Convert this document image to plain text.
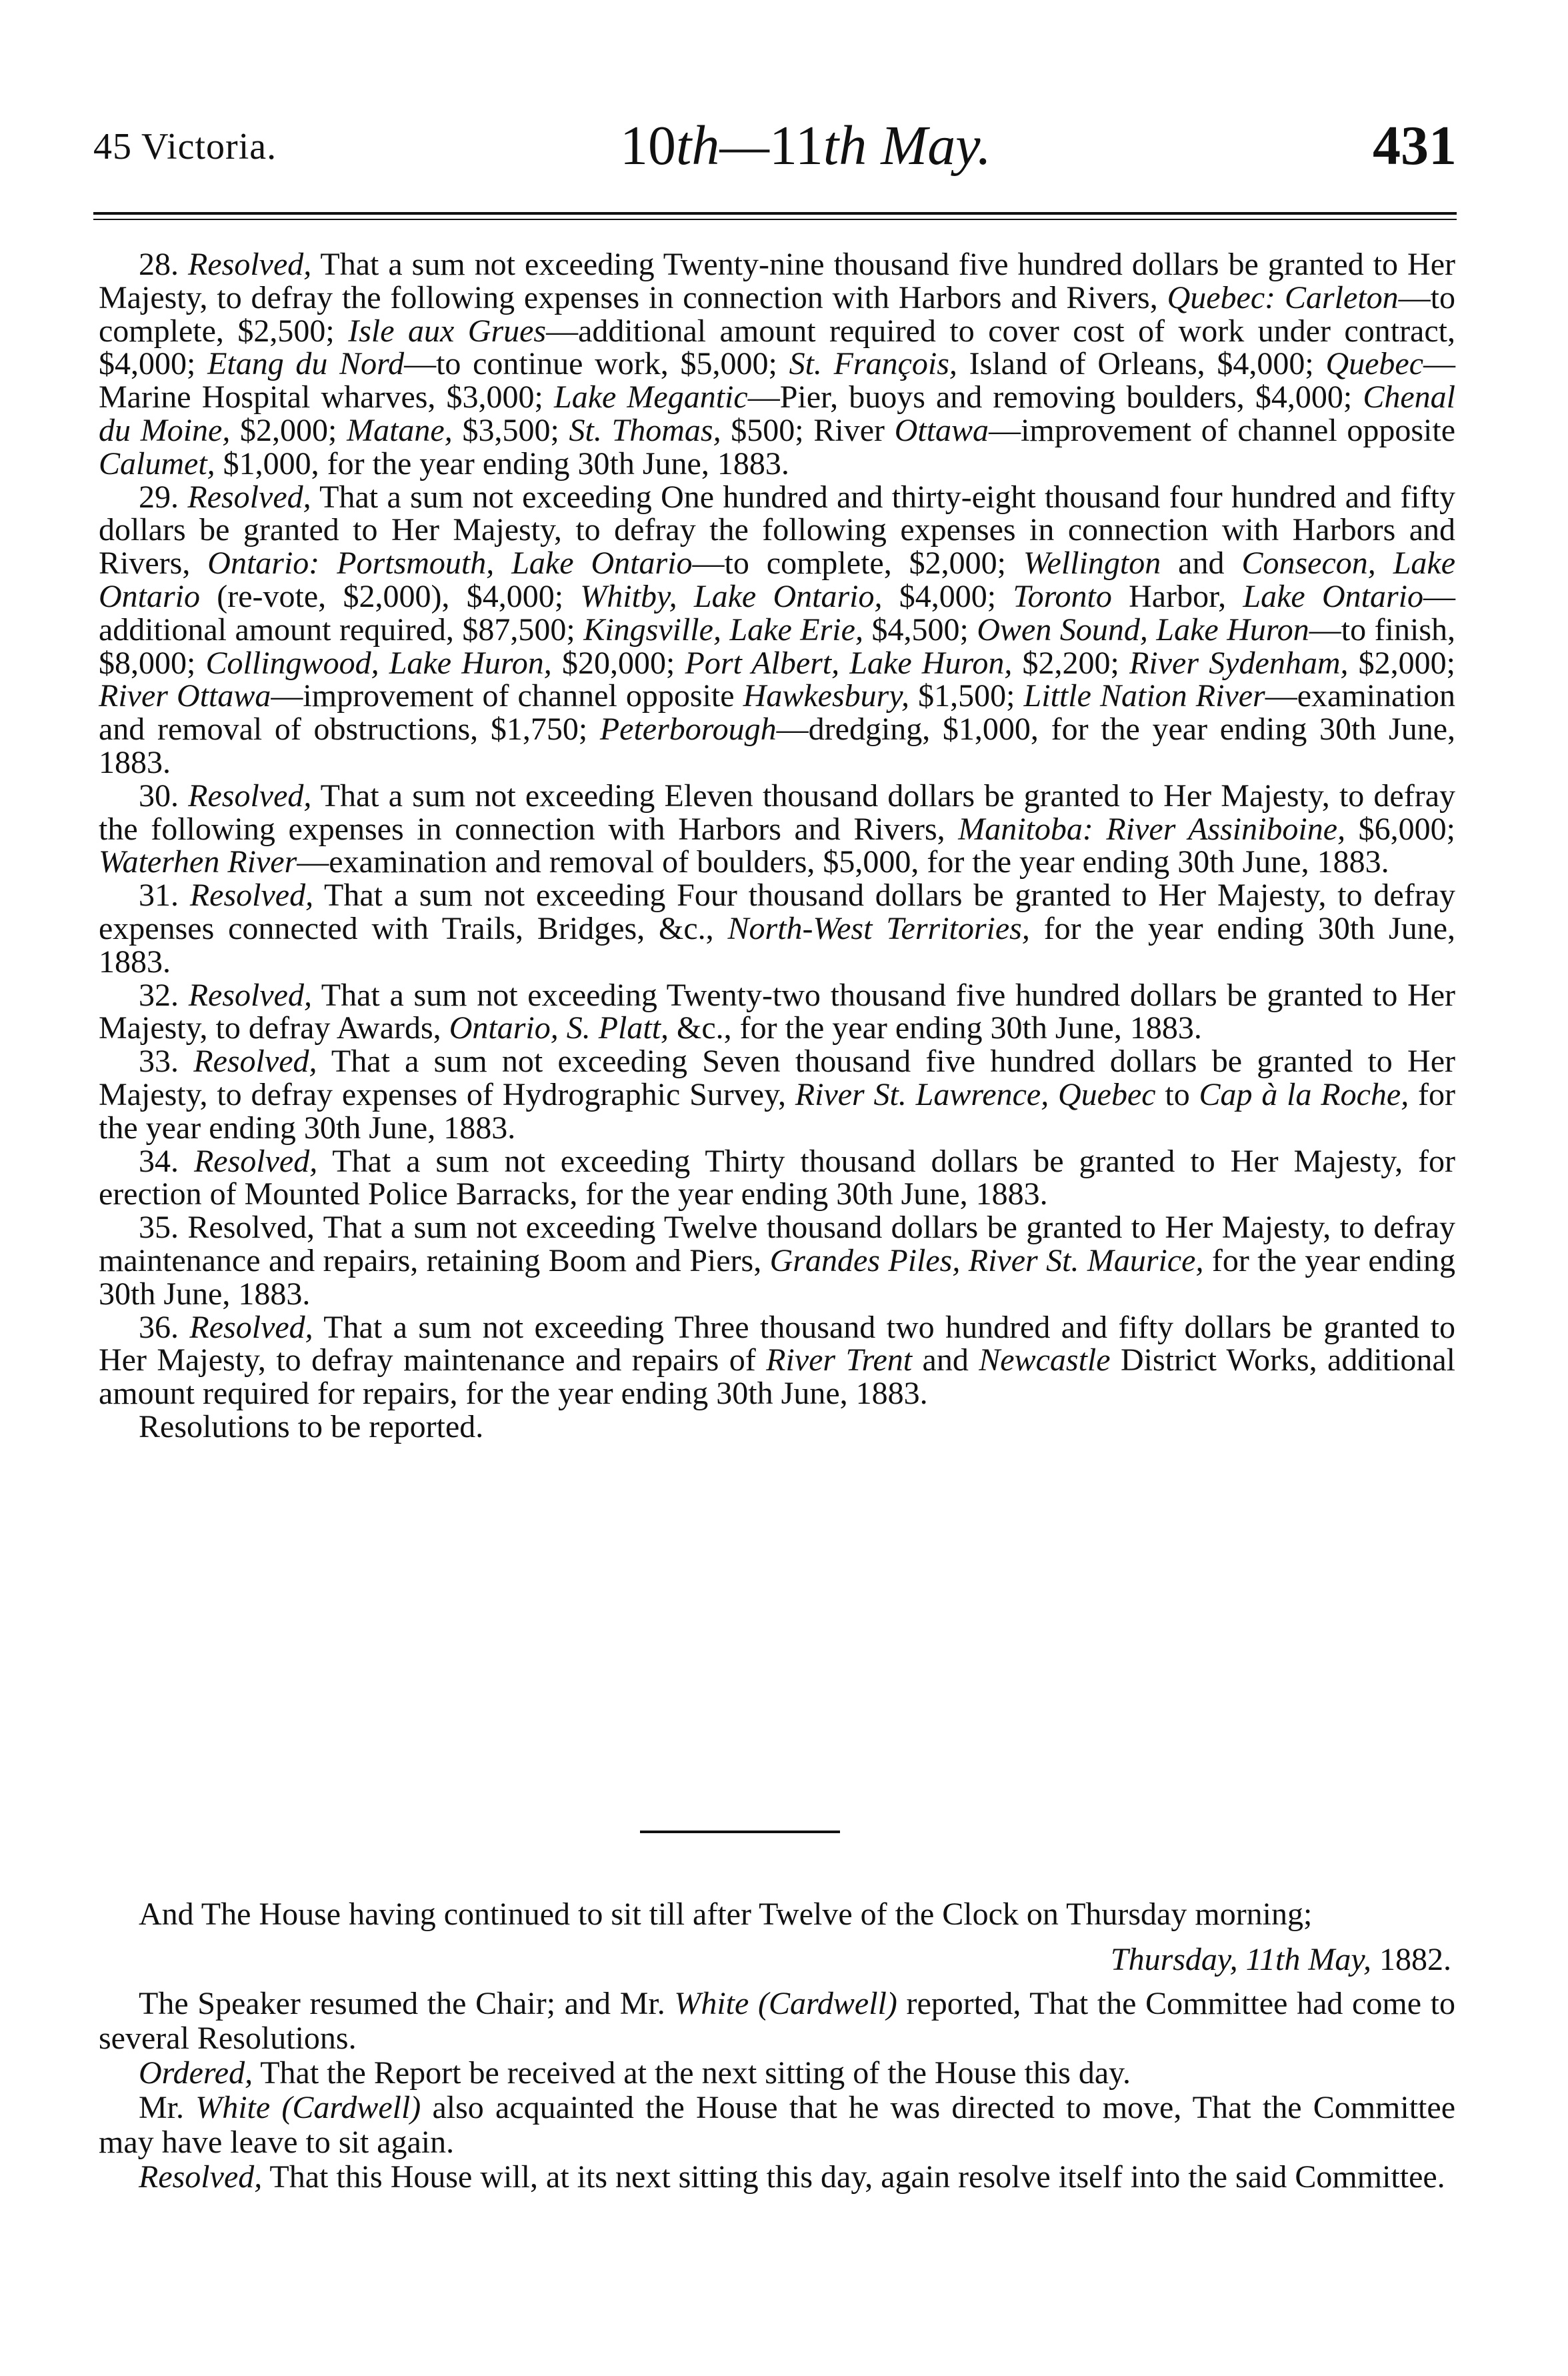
45 Victoria.	10th—11th May.	431

28. Resolved, That a sum not exceeding Twenty-nine thousand five hundred dollars be granted to Her Majesty, to defray the following expenses in connection with Harbors and Rivers, Quebec: Carleton—to complete, $2,500; Isle aux Grues—additional amount required to cover cost of work under contract, $4,000; Etang du Nord—to continue work, $5,000; St. François, Island of Orleans, $4,000; Quebec—Marine Hospital wharves, $3,000; Lake Megantic—Pier, buoys and removing boulders, $4,000; Chenal du Moine, $2,000; Matane, $3,500; St. Thomas, $500; River Ottawa—improvement of channel opposite Calumet, $1,000, for the year ending 30th June, 1883.

29. Resolved, That a sum not exceeding One hundred and thirty-eight thousand four hundred and fifty dollars be granted to Her Majesty, to defray the following expenses in connection with Harbors and Rivers, Ontario: Portsmouth, Lake Ontario—to complete, $2,000; Wellington and Consecon, Lake Ontario (re-vote, $2,000), $4,000; Whitby, Lake Ontario, $4,000; Toronto Harbor, Lake Ontario—additional amount required, $87,500; Kingsville, Lake Erie, $4,500; Owen Sound, Lake Huron—to finish, $8,000; Collingwood, Lake Huron, $20,000; Port Albert, Lake Huron, $2,200; River Sydenham, $2,000; River Ottawa—improvement of channel opposite Hawkesbury, $1,500; Little Nation River—examination and removal of obstructions, $1,750; Peterborough—dredging, $1,000, for the year ending 30th June, 1883.

30. Resolved, That a sum not exceeding Eleven thousand dollars be granted to Her Majesty, to defray the following expenses in connection with Harbors and Rivers, Manitoba: River Assiniboine, $6,000; Waterhen River—examination and removal of boulders, $5,000, for the year ending 30th June, 1883.

31. Resolved, That a sum not exceeding Four thousand dollars be granted to Her Majesty, to defray expenses connected with Trails, Bridges, &c., North-West Territories, for the year ending 30th June, 1883.

32. Resolved, That a sum not exceeding Twenty-two thousand five hundred dollars be granted to Her Majesty, to defray Awards, Ontario, S. Platt, &c., for the year ending 30th June, 1883.

33. Resolved, That a sum not exceeding Seven thousand five hundred dollars be granted to Her Majesty, to defray expenses of Hydrographic Survey, River St. Lawrence, Quebec to Cap à la Roche, for the year ending 30th June, 1883.

34. Resolved, That a sum not exceeding Thirty thousand dollars be granted to Her Majesty, for erection of Mounted Police Barracks, for the year ending 30th June, 1883.

35. Resolved, That a sum not exceeding Twelve thousand dollars be granted to Her Majesty, to defray maintenance and repairs, retaining Boom and Piers, Grandes Piles, River St. Maurice, for the year ending 30th June, 1883.

36. Resolved, That a sum not exceeding Three thousand two hundred and fifty dollars be granted to Her Majesty, to defray maintenance and repairs of River Trent and Newcastle District Works, additional amount required for repairs, for the year ending 30th June, 1883.

Resolutions to be reported.

And The House having continued to sit till after Twelve of the Clock on Thursday morning;

Thursday, 11th May, 1882.

The Speaker resumed the Chair; and Mr. White (Cardwell) reported, That the Committee had come to several Resolutions.

Ordered, That the Report be received at the next sitting of the House this day.

Mr. White (Cardwell) also acquainted the House that he was directed to move, That the Committee may have leave to sit again.

Resolved, That this House will, at its next sitting this day, again resolve itself into the said Committee.
